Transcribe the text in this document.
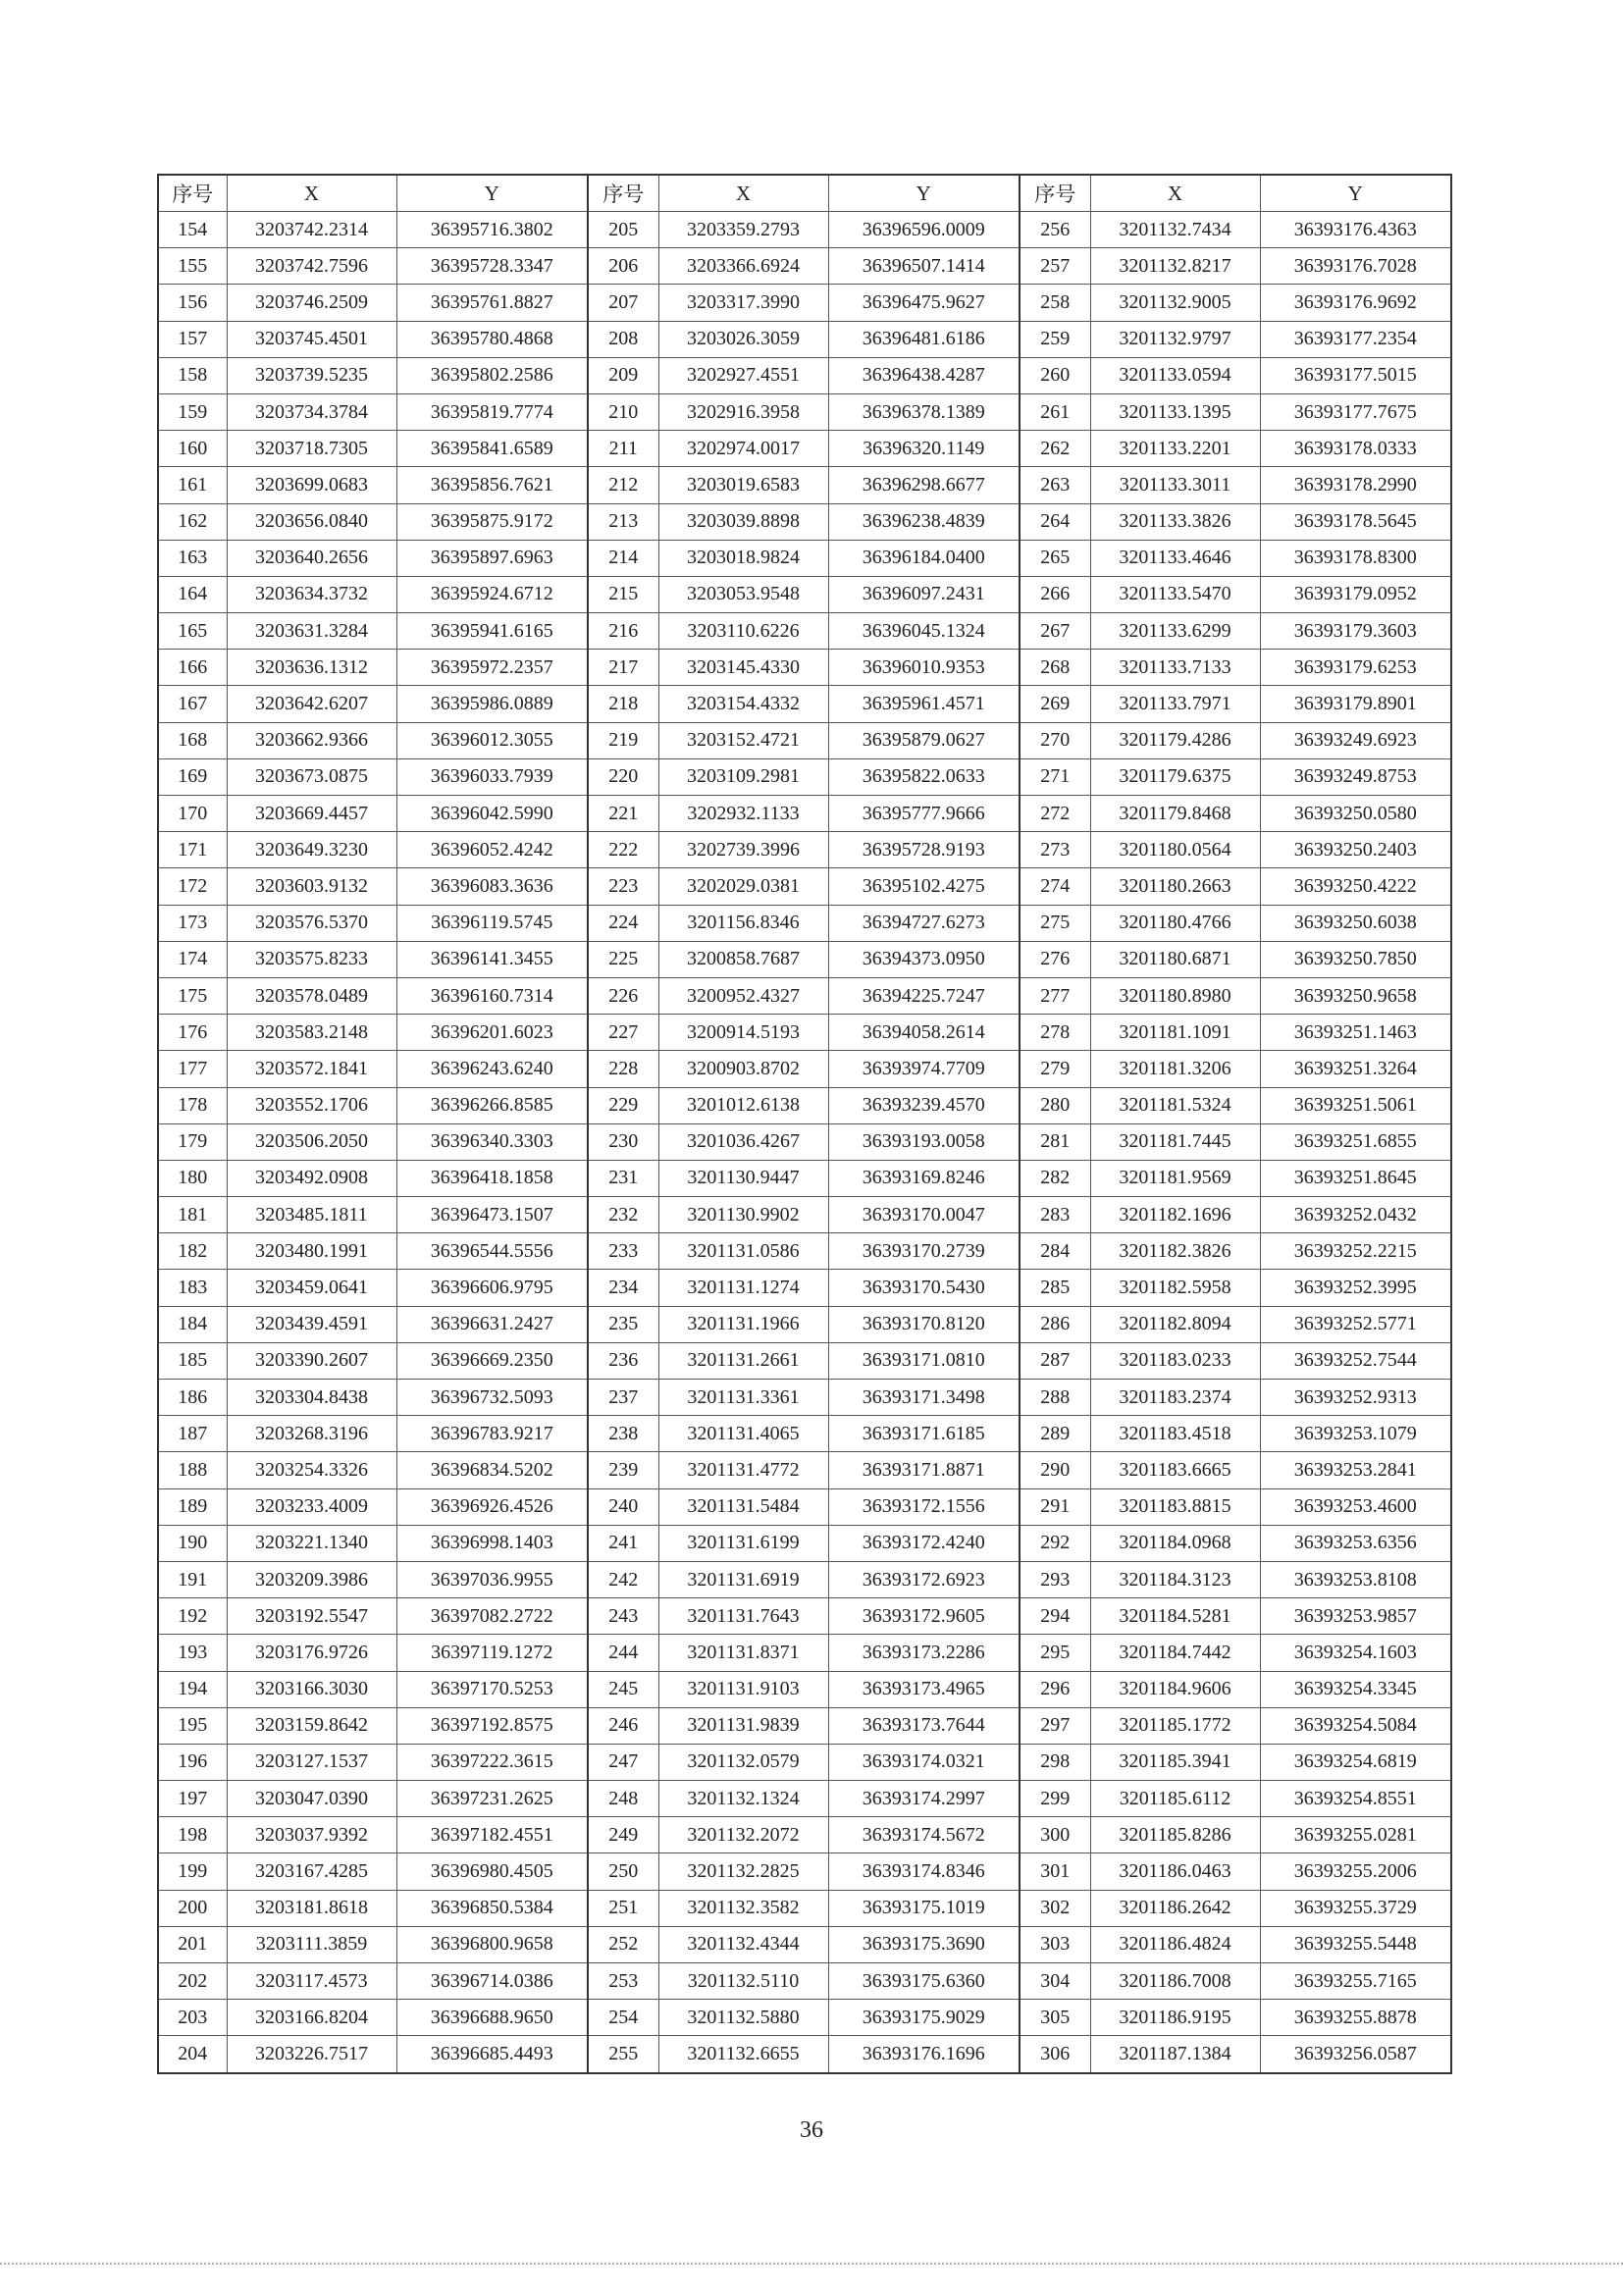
序号	X	Y	序号	X	Y	序号	X	Y
154	3203742.2314	36395716.3802	205	3203359.2793	36396596.0009	256	3201132.7434	36393176.4363
155	3203742.7596	36395728.3347	206	3203366.6924	36396507.1414	257	3201132.8217	36393176.7028
156	3203746.2509	36395761.8827	207	3203317.3990	36396475.9627	258	3201132.9005	36393176.9692
157	3203745.4501	36395780.4868	208	3203026.3059	36396481.6186	259	3201132.9797	36393177.2354
158	3203739.5235	36395802.2586	209	3202927.4551	36396438.4287	260	3201133.0594	36393177.5015
159	3203734.3784	36395819.7774	210	3202916.3958	36396378.1389	261	3201133.1395	36393177.7675
160	3203718.7305	36395841.6589	211	3202974.0017	36396320.1149	262	3201133.2201	36393178.0333
161	3203699.0683	36395856.7621	212	3203019.6583	36396298.6677	263	3201133.3011	36393178.2990
162	3203656.0840	36395875.9172	213	3203039.8898	36396238.4839	264	3201133.3826	36393178.5645
163	3203640.2656	36395897.6963	214	3203018.9824	36396184.0400	265	3201133.4646	36393178.8300
164	3203634.3732	36395924.6712	215	3203053.9548	36396097.2431	266	3201133.5470	36393179.0952
165	3203631.3284	36395941.6165	216	3203110.6226	36396045.1324	267	3201133.6299	36393179.3603
166	3203636.1312	36395972.2357	217	3203145.4330	36396010.9353	268	3201133.7133	36393179.6253
167	3203642.6207	36395986.0889	218	3203154.4332	36395961.4571	269	3201133.7971	36393179.8901
168	3203662.9366	36396012.3055	219	3203152.4721	36395879.0627	270	3201179.4286	36393249.6923
169	3203673.0875	36396033.7939	220	3203109.2981	36395822.0633	271	3201179.6375	36393249.8753
170	3203669.4457	36396042.5990	221	3202932.1133	36395777.9666	272	3201179.8468	36393250.0580
171	3203649.3230	36396052.4242	222	3202739.3996	36395728.9193	273	3201180.0564	36393250.2403
172	3203603.9132	36396083.3636	223	3202029.0381	36395102.4275	274	3201180.2663	36393250.4222
173	3203576.5370	36396119.5745	224	3201156.8346	36394727.6273	275	3201180.4766	36393250.6038
174	3203575.8233	36396141.3455	225	3200858.7687	36394373.0950	276	3201180.6871	36393250.7850
175	3203578.0489	36396160.7314	226	3200952.4327	36394225.7247	277	3201180.8980	36393250.9658
176	3203583.2148	36396201.6023	227	3200914.5193	36394058.2614	278	3201181.1091	36393251.1463
177	3203572.1841	36396243.6240	228	3200903.8702	36393974.7709	279	3201181.3206	36393251.3264
178	3203552.1706	36396266.8585	229	3201012.6138	36393239.4570	280	3201181.5324	36393251.5061
179	3203506.2050	36396340.3303	230	3201036.4267	36393193.0058	281	3201181.7445	36393251.6855
180	3203492.0908	36396418.1858	231	3201130.9447	36393169.8246	282	3201181.9569	36393251.8645
181	3203485.1811	36396473.1507	232	3201130.9902	36393170.0047	283	3201182.1696	36393252.0432
182	3203480.1991	36396544.5556	233	3201131.0586	36393170.2739	284	3201182.3826	36393252.2215
183	3203459.0641	36396606.9795	234	3201131.1274	36393170.5430	285	3201182.5958	36393252.3995
184	3203439.4591	36396631.2427	235	3201131.1966	36393170.8120	286	3201182.8094	36393252.5771
185	3203390.2607	36396669.2350	236	3201131.2661	36393171.0810	287	3201183.0233	36393252.7544
186	3203304.8438	36396732.5093	237	3201131.3361	36393171.3498	288	3201183.2374	36393252.9313
187	3203268.3196	36396783.9217	238	3201131.4065	36393171.6185	289	3201183.4518	36393253.1079
188	3203254.3326	36396834.5202	239	3201131.4772	36393171.8871	290	3201183.6665	36393253.2841
189	3203233.4009	36396926.4526	240	3201131.5484	36393172.1556	291	3201183.8815	36393253.4600
190	3203221.1340	36396998.1403	241	3201131.6199	36393172.4240	292	3201184.0968	36393253.6356
191	3203209.3986	36397036.9955	242	3201131.6919	36393172.6923	293	3201184.3123	36393253.8108
192	3203192.5547	36397082.2722	243	3201131.7643	36393172.9605	294	3201184.5281	36393253.9857
193	3203176.9726	36397119.1272	244	3201131.8371	36393173.2286	295	3201184.7442	36393254.1603
194	3203166.3030	36397170.5253	245	3201131.9103	36393173.4965	296	3201184.9606	36393254.3345
195	3203159.8642	36397192.8575	246	3201131.9839	36393173.7644	297	3201185.1772	36393254.5084
196	3203127.1537	36397222.3615	247	3201132.0579	36393174.0321	298	3201185.3941	36393254.6819
197	3203047.0390	36397231.2625	248	3201132.1324	36393174.2997	299	3201185.6112	36393254.8551
198	3203037.9392	36397182.4551	249	3201132.2072	36393174.5672	300	3201185.8286	36393255.0281
199	3203167.4285	36396980.4505	250	3201132.2825	36393174.8346	301	3201186.0463	36393255.2006
200	3203181.8618	36396850.5384	251	3201132.3582	36393175.1019	302	3201186.2642	36393255.3729
201	3203111.3859	36396800.9658	252	3201132.4344	36393175.3690	303	3201186.4824	36393255.5448
202	3203117.4573	36396714.0386	253	3201132.5110	36393175.6360	304	3201186.7008	36393255.7165
203	3203166.8204	36396688.9650	254	3201132.5880	36393175.9029	305	3201186.9195	36393255.8878
204	3203226.7517	36396685.4493	255	3201132.6655	36393176.1696	306	3201187.1384	36393256.0587
36
